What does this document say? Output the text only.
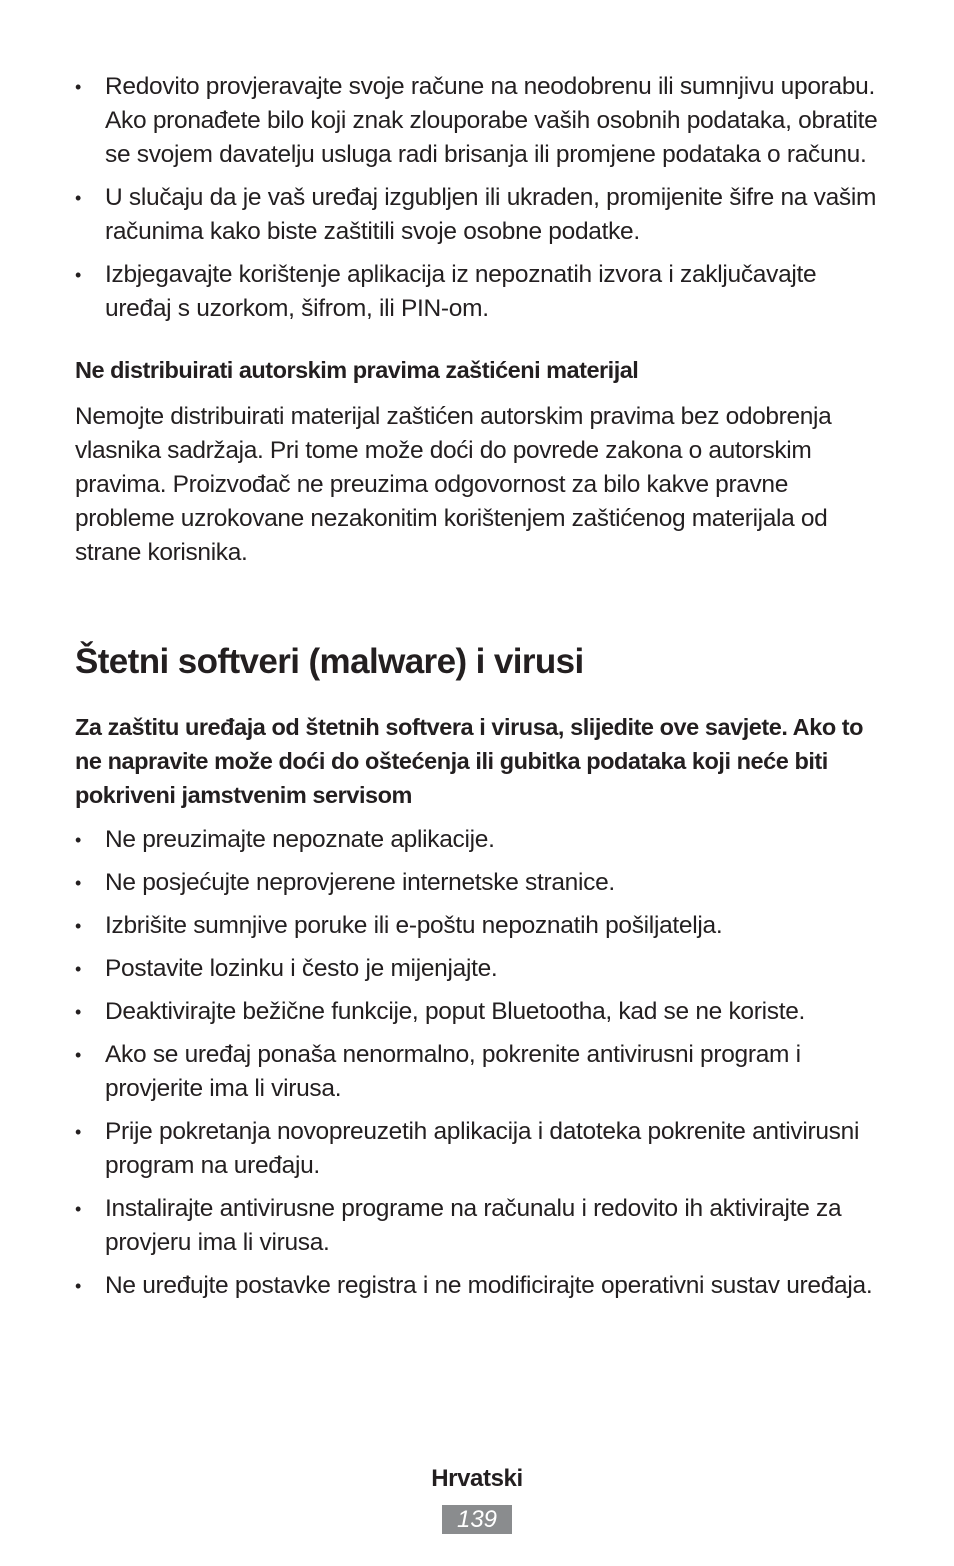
• Redovito provjeravajte svoje račune na neodobrenu ili sumnjivu uporabu. Ako pronađete bilo koji znak zlouporabe vaših osobnih podataka, obratite se svojem davatelju usluga radi brisanja ili promjene podataka o računu.
• U slučaju da je vaš uređaj izgubljen ili ukraden, promijenite šifre na vašim računima kako biste zaštitili svoje osobne podatke.
• Izbjegavajte korištenje aplikacija iz nepoznatih izvora i zaključavajte uređaj s uzorkom, šifrom, ili PIN-om.
Ne distribuirati autorskim pravima zaštićeni materijal
Nemojte distribuirati materijal zaštićen autorskim pravima bez odobrenja vlasnika sadržaja. Pri tome može doći do povrede zakona o autorskim pravima. Proizvođač ne preuzima odgovornost za bilo kakve pravne probleme uzrokovane nezakonitim korištenjem zaštićenog materijala od strane korisnika.
Štetni softveri (malware) i virusi
Za zaštitu uređaja od štetnih softvera i virusa, slijedite ove savjete. Ako to ne napravite može doći do oštećenja ili gubitka podataka koji neće biti pokriveni jamstvenim servisom
• Ne preuzimajte nepoznate aplikacije.
• Ne posjećujte neprovjerene internetske stranice.
• Izbrišite sumnjive poruke ili e-poštu nepoznatih pošiljatelja.
• Postavite lozinku i često je mijenjajte.
• Deaktivirajte bežične funkcije, poput Bluetootha, kad se ne koriste.
• Ako se uređaj ponaša nenormalno, pokrenite antivirusni program i provjerite ima li virusa.
• Prije pokretanja novopreuzetih aplikacija i datoteka pokrenite antivirusni program na uređaju.
• Instalirajte antivirusne programe na računalu i redovito ih aktivirajte za provjeru ima li virusa.
• Ne uređujte postavke registra i ne modificirajte operativni sustav uređaja.
Hrvatski
139
